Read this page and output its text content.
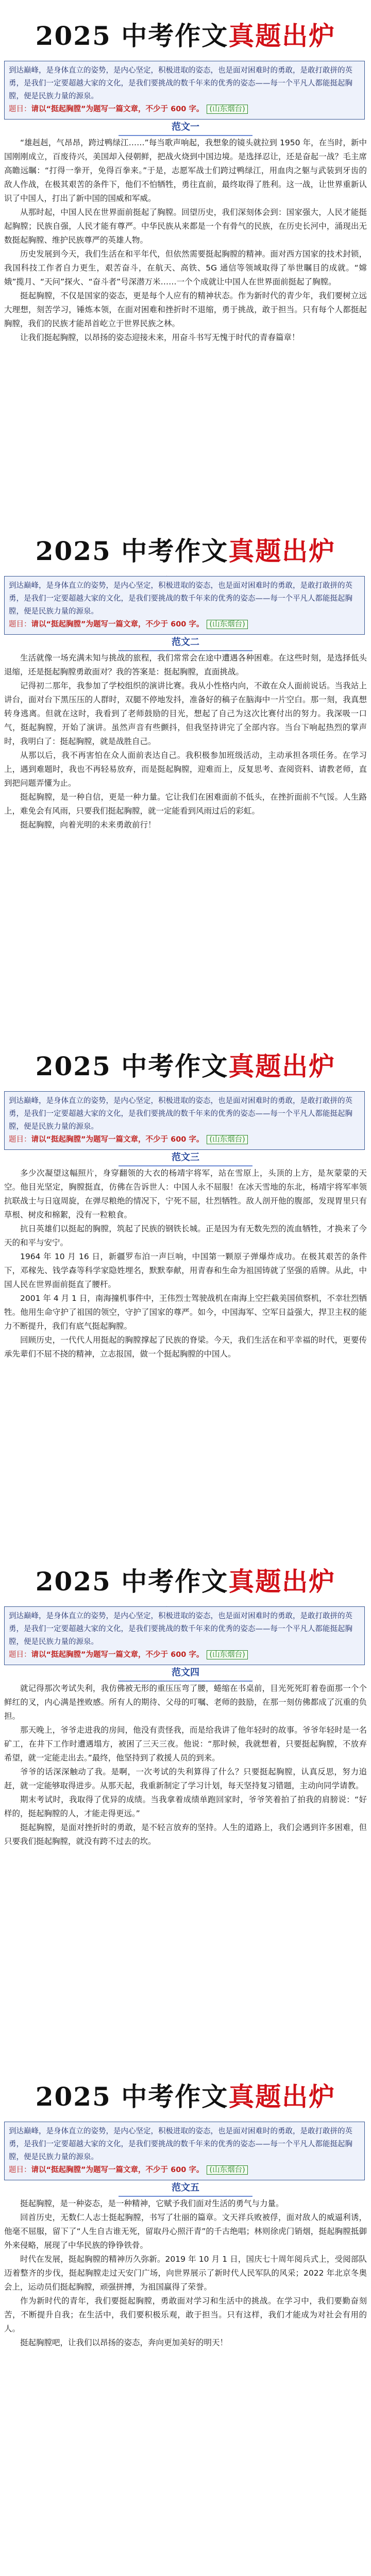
2025 中考作文真题出炉
到达巅峰，是身体直立的姿势，是内心坚定，积极进取的姿态，也是面对困难时的勇敢，是敢打敢拼的英勇，是我们一定要超越大家的文化，是我们要挑战的数千年来的优秀的姿态——每一个平凡人都能挺起胸膛，便是民族力量的源泉。
题目：请以“挺起胸膛”为题写一篇文章，不少于 600 字。 (山东烟台)
范文一

“雄赳赳，气昂昂，跨过鸭绿江……”每当歌声响起，我想象的镜头就拉到 1950 年，在当时，新中国刚刚成立，百废待兴，美国却入侵朝鲜，把战火烧到中国边境。是选择忍让，还是奋起一战？毛主席高瞻远瞩：“打得一拳开，免得百拳来。”于是，志愿军战士们跨过鸭绿江，用血肉之躯与武装到牙齿的敌人作战，在极其艰苦的条件下，他们不怕牺牲，勇往直前，最终取得了胜利。这一战，让世界重新认识了中国人，打出了新中国的国威和军威。

从那时起，中国人民在世界面前挺起了胸膛。回望历史，我们深刻体会到：国家强大，人民才能挺起胸膛；民族自强，人民才能有尊严。中华民族从来都是一个有骨气的民族，在历史长河中，涌现出无数挺起胸膛、维护民族尊严的英雄人物。

历史发展到今天，我们生活在和平年代，但依然需要挺起胸膛的精神。面对西方国家的技术封锁，我国科技工作者自力更生，艰苦奋斗，在航天、高铁、5G 通信等领域取得了举世瞩目的成就。“嫦娥”揽月、“天问”探火、“奋斗者”号深潜万米……一个个成就让中国人在世界面前挺起了胸膛。

挺起胸膛，不仅是国家的姿态，更是每个人应有的精神状态。作为新时代的青少年，我们要树立远大理想，刻苦学习，锤炼本领，在面对困难和挫折时不退缩，勇于挑战，敢于担当。只有每个人都挺起胸膛，我们的民族才能昂首屹立于世界民族之林。

让我们挺起胸膛，以昂扬的姿态迎接未来，用奋斗书写无愧于时代的青春篇章！

2025 中考作文真题出炉
到达巅峰，是身体直立的姿势，是内心坚定，积极进取的姿态，也是面对困难时的勇敢，是敢打敢拼的英勇，是我们一定要超越大家的文化，是我们要挑战的数千年来的优秀的姿态——每一个平凡人都能挺起胸膛，便是民族力量的源泉。
题目：请以“挺起胸膛”为题写一篇文章，不少于 600 字。 (山东烟台)
范文二

生活就像一场充满未知与挑战的旅程，我们常常会在途中遭遇各种困难。在这些时刻，是选择低头退缩，还是挺起胸膛勇敢面对？我的答案是：挺起胸膛，直面挑战。

记得初二那年，我参加了学校组织的演讲比赛。我从小性格内向，不敢在众人面前说话。当我站上讲台，面对台下黑压压的人群时，双腿不停地发抖，准备好的稿子在脑海中一片空白。那一刻，我真想转身逃离。但就在这时，我看到了老师鼓励的目光，想起了自己为这次比赛付出的努力。我深吸一口气，挺起胸膛，开始了演讲。虽然声音有些颤抖，但我坚持讲完了全部内容。当台下响起热烈的掌声时，我明白了：挺起胸膛，就是战胜自己。

从那以后，我不再害怕在众人面前表达自己。我积极参加班级活动，主动承担各项任务。在学习上，遇到难题时，我也不再轻易放弃，而是挺起胸膛，迎难而上，反复思考、查阅资料、请教老师，直到把问题弄懂为止。

挺起胸膛，是一种自信，更是一种力量。它让我们在困难面前不低头，在挫折面前不气馁。人生路上，难免会有风雨，只要我们挺起胸膛，就一定能看到风雨过后的彩虹。

挺起胸膛，向着光明的未来勇敢前行！

2025 中考作文真题出炉
到达巅峰，是身体直立的姿势，是内心坚定，积极进取的姿态，也是面对困难时的勇敢，是敢打敢拼的英勇，是我们一定要超越大家的文化，是我们要挑战的数千年来的优秀的姿态——每一个平凡人都能挺起胸膛，便是民族力量的源泉。
题目：请以“挺起胸膛”为题写一篇文章，不少于 600 字。 (山东烟台)
范文三

多少次凝望这幅照片，身穿翻领的大衣的杨靖宇将军，站在雪原上，头顶的上方，是灰蒙蒙的天空。他目光坚定，胸膛挺直，仿佛在告诉世人：中国人永不屈服！在冰天雪地的东北，杨靖宇将军率领抗联战士与日寇周旋，在弹尽粮绝的情况下，宁死不屈，壮烈牺牲。敌人剖开他的腹部，发现胃里只有草根、树皮和棉絮，没有一粒粮食。

抗日英雄们以挺起的胸膛，筑起了民族的钢铁长城。正是因为有无数先烈的流血牺牲，才换来了今天的和平与安宁。

1964 年 10 月 16 日，新疆罗布泊一声巨响，中国第一颗原子弹爆炸成功。在极其艰苦的条件下，邓稼先、钱学森等科学家隐姓埋名，默默奉献，用青春和生命为祖国铸就了坚强的盾牌。从此，中国人民在世界面前挺直了腰杆。

2001 年 4 月 1 日，南海撞机事件中，王伟烈士驾驶战机在南海上空拦截美国侦察机，不幸壮烈牺牲。他用生命守护了祖国的领空，守护了国家的尊严。如今，中国海军、空军日益强大，捍卫主权的能力不断提升，我们有底气挺起胸膛。

回顾历史，一代代人用挺起的胸膛撑起了民族的脊梁。今天，我们生活在和平幸福的时代，更要传承先辈们不屈不挠的精神，立志报国，做一个挺起胸膛的中国人。

2025 中考作文真题出炉
到达巅峰，是身体直立的姿势，是内心坚定，积极进取的姿态，也是面对困难时的勇敢，是敢打敢拼的英勇，是我们一定要超越大家的文化，是我们要挑战的数千年来的优秀的姿态——每一个平凡人都能挺起胸膛，便是民族力量的源泉。
题目：请以“挺起胸膛”为题写一篇文章，不少于 600 字。 (山东烟台)
范文四

就记得那次考试失利，我仿佛被无形的重压压弯了腰，蜷缩在书桌前，目光死死盯着卷面那一个个鲜红的叉，内心满是挫败感。所有人的期待、父母的叮嘱、老师的鼓励，在那一刻仿佛都成了沉重的负担。

那天晚上，爷爷走进我的房间，他没有责怪我，而是给我讲了他年轻时的故事。爷爷年轻时是一名矿工，在井下工作时遭遇塌方，被困了三天三夜。他说：“那时候，我就想着，只要挺起胸膛，不放弃希望，就一定能走出去。”最终，他坚持到了救援人员的到来。

爷爷的话深深触动了我。是啊，一次考试的失利算得了什么？只要挺起胸膛，认真反思，努力追赶，就一定能够取得进步。从那天起，我重新制定了学习计划，每天坚持复习错题，主动向同学请教。

期末考试时，我取得了优异的成绩。当我拿着成绩单跑回家时，爷爷笑着拍了拍我的肩膀说：“好样的，挺起胸膛的人，才能走得更远。”

挺起胸膛，是面对挫折时的勇敢，是不轻言放弃的坚持。人生的道路上，我们会遇到许多困难，但只要我们挺起胸膛，就没有跨不过去的坎。

2025 中考作文真题出炉
到达巅峰，是身体直立的姿势，是内心坚定，积极进取的姿态，也是面对困难时的勇敢，是敢打敢拼的英勇，是我们一定要超越大家的文化，是我们要挑战的数千年来的优秀的姿态——每一个平凡人都能挺起胸膛，便是民族力量的源泉。
题目：请以“挺起胸膛”为题写一篇文章，不少于 600 字。 (山东烟台)
范文五

挺起胸膛，是一种姿态，是一种精神，它赋予我们面对生活的勇气与力量。

回首历史，无数仁人志士挺起胸膛，书写了壮丽的篇章。文天祥兵败被俘，面对敌人的威逼利诱，他毫不屈服，留下了“人生自古谁无死，留取丹心照汗青”的千古绝唱；林则徐虎门销烟，挺起胸膛抵御外来侵略，展现了中华民族的铮铮铁骨。

时代在发展，挺起胸膛的精神历久弥新。2019 年 10 月 1 日，国庆七十周年阅兵式上，受阅部队迈着整齐的步伐，挺起胸膛走过天安门广场，向世界展示了新时代人民军队的风采；2022 年北京冬奥会上，运动员们挺起胸膛，顽强拼搏，为祖国赢得了荣誉。

作为新时代的青年，我们要挺起胸膛，勇敢面对学习和生活中的挑战。在学习中，我们要勤奋刻苦，不断提升自我；在生活中，我们要积极乐观，敢于担当。只有这样，我们才能成为对社会有用的人。

挺起胸膛吧，让我们以昂扬的姿态，奔向更加美好的明天！
